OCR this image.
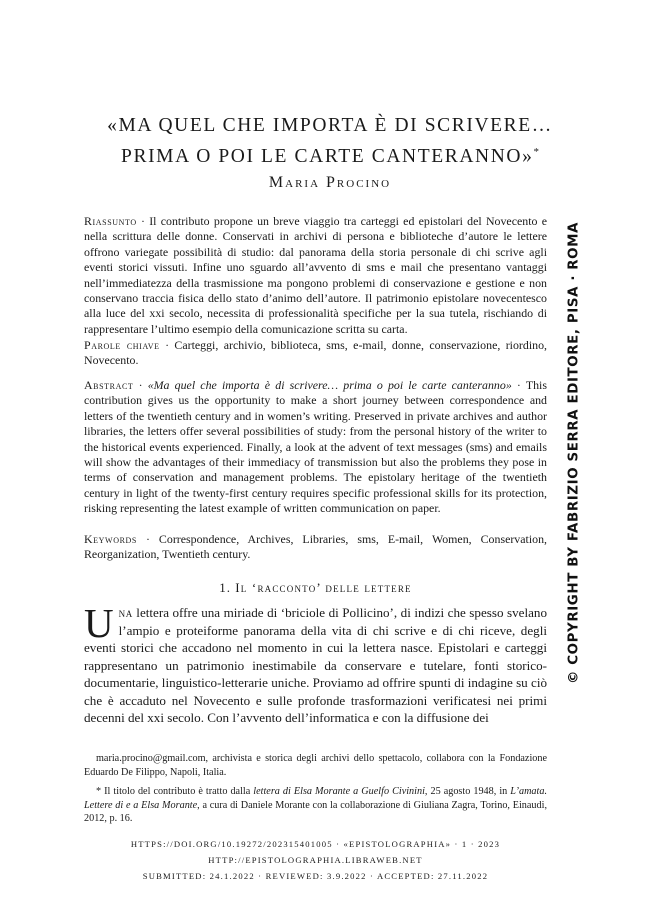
«MA QUEL CHE IMPORTA È DI SCRIVERE…
PRIMA O POI LE CARTE CANTERANNO»*
Maria Procino
Riassunto · Il contributo propone un breve viaggio tra carteggi ed epistolari del Novecento e nella scrittura delle donne. Conservati in archivi di persona e biblioteche d’autore le lettere offrono variegate possibilità di studio: dal panorama della storia personale di chi scrive agli eventi storici vissuti. Infine uno sguardo all’avvento di sms e mail che presentano vantaggi nell’immediatezza della trasmissione ma pongono problemi di conservazione e gestione e non conservano traccia fisica dello stato d’animo dell’autore. Il patrimonio epistolare novecentesco alla luce del xxi secolo, necessita di professionalità specifiche per la sua tutela, rischiando di rappresentare l’ultimo esempio della comunicazione scritta su carta.
Parole chiave · Carteggi, archivio, biblioteca, sms, e-mail, donne, conservazione, riordino, Novecento.
Abstract · «Ma quel che importa è di scrivere… prima o poi le carte canteranno» · This contribution gives us the opportunity to make a short journey between correspondence and letters of the twentieth century and in women’s writing. Preserved in private archives and author libraries, the letters offer several possibilities of study: from the personal history of the writer to the historical events experienced. Finally, a look at the advent of text messages (sms) and emails will show the advantages of their immediacy of transmission but also the problems they pose in terms of conservation and management problems. The epistolary heritage of the twentieth century in light of the twenty-first century requires specific professional skills for its protection, risking representing the latest example of written communication on paper.
Keywords · Correspondence, Archives, Libraries, sms, E-mail, Women, Conservation, Reorganization, Twentieth century.
1. Il ‘racconto’ delle lettere
Una lettera offre una miriade di ‘briciole di Pollicino’, di indizi che spesso svelano l’ampio e proteiforme panorama della vita di chi scrive e di chi riceve, degli eventi storici che accadono nel momento in cui la lettera nasce. Epistolari e carteggi rappresentano un patrimonio inestimabile da conservare e tutelare, fonti storico-documentarie, linguistico-letterarie uniche. Proviamo ad offrire spunti di indagine su ciò che è accaduto nel Novecento e sulle profonde trasformazioni verificatesi nei primi decenni del xxi secolo. Con l’avvento dell’informatica e con la diffusione dei

maria.procino@gmail.com, archivista e storica degli archivi dello spettacolo, collabora con la Fondazione Eduardo De Filippo, Napoli, Italia.

* Il titolo del contributo è tratto dalla lettera di Elsa Morante a Guelfo Civinini, 25 agosto 1948, in L’amata. Lettere di e a Elsa Morante, a cura di Daniele Morante con la collaborazione di Giuliana Zagra, Torino, Einaudi, 2012, p. 16.

HTTPS://DOI.ORG/10.19272/202315401005 · «EPISTOLOGRAPHIA» · 1 · 2023
HTTP://EPISTOLOGRAPHIA.LIBRAWEB.NET
SUBMITTED: 24.1.2022 · REVIEWED: 3.9.2022 · ACCEPTED: 27.11.2022
© COPYRIGHT BY FABRIZIO SERRA EDITORE, PISA · ROMA
